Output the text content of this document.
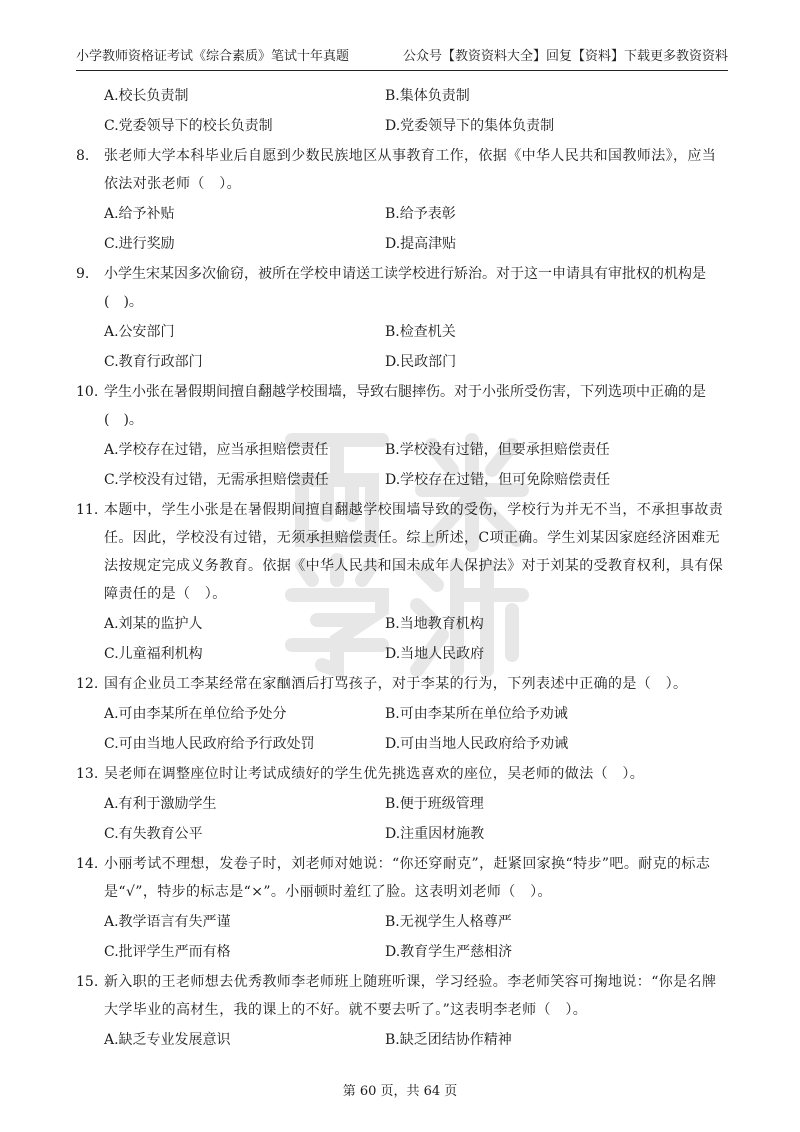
小学教师资格证考试《综合素质》笔试十年真题	公众号【教资资料大全】回复【资料】下载更多教资资料
A.校长负责制	B.集体负责制
C.党委领导下的校长负责制	D.党委领导下的集体负责制
8.	张老师大学本科毕业后自愿到少数民族地区从事教育工作，依据《中华人民共和国教师法》，应当依法对张老师（　）。
A.给予补贴	B.给予表彰
C.进行奖励	D.提高津贴
9.	小学生宋某因多次偷窃，被所在学校申请送工读学校进行矫治。对于这一申请具有审批权的机构是(　)。
A.公安部门	B.检查机关
C.教育行政部门	D.民政部门
10. 学生小张在暑假期间擅自翻越学校围墙，导致右腿摔伤。对于小张所受伤害，下列选项中正确的是(　)。
A.学校存在过错，应当承担赔偿责任	B.学校没有过错，但要承担赔偿责任
C.学校没有过错，无需承担赔偿责任	D.学校存在过错，但可免除赔偿责任
11. 本题中，学生小张是在暑假期间擅自翻越学校围墙导致的受伤，学校行为并无不当，不承担事故责任。因此，学校没有过错，无须承担赔偿责任。综上所述，C项正确。学生刘某因家庭经济困难无法按规定完成义务教育。依据《中华人民共和国未成年人保护法》对于刘某的受教育权利，具有保障责任的是（　）。
A.刘某的监护人	B.当地教育机构
C.儿童福利机构	D.当地人民政府
12. 国有企业员工李某经常在家酗酒后打骂孩子，对于李某的行为，下列表述中正确的是（　）。
A.可由李某所在单位给予处分	B.可由李某所在单位给予劝诫
C.可由当地人民政府给予行政处罚	D.可由当地人民政府给予劝诫
13. 吴老师在调整座位时让考试成绩好的学生优先挑选喜欢的座位，吴老师的做法（　）。
A.有利于激励学生	B.便于班级管理
C.有失教育公平	D.注重因材施教
14. 小丽考试不理想，发卷子时，刘老师对她说：“你还穿耐克”，赶紧回家换“特步”吧。耐克的标志是“√”，特步的标志是“×”。小丽顿时羞红了脸。这表明刘老师（　）。
A.教学语言有失严谨	B.无视学生人格尊严
C.批评学生严而有格	D.教育学生严慈相济
15. 新入职的王老师想去优秀教师李老师班上随班听课，学习经验。李老师笑容可掬地说：“你是名牌大学毕业的高材生，我的课上的不好。就不要去听了。”这表明李老师（　）。
A.缺乏专业发展意识	B.缺乏团结协作精神
第 60 页，共 64 页
